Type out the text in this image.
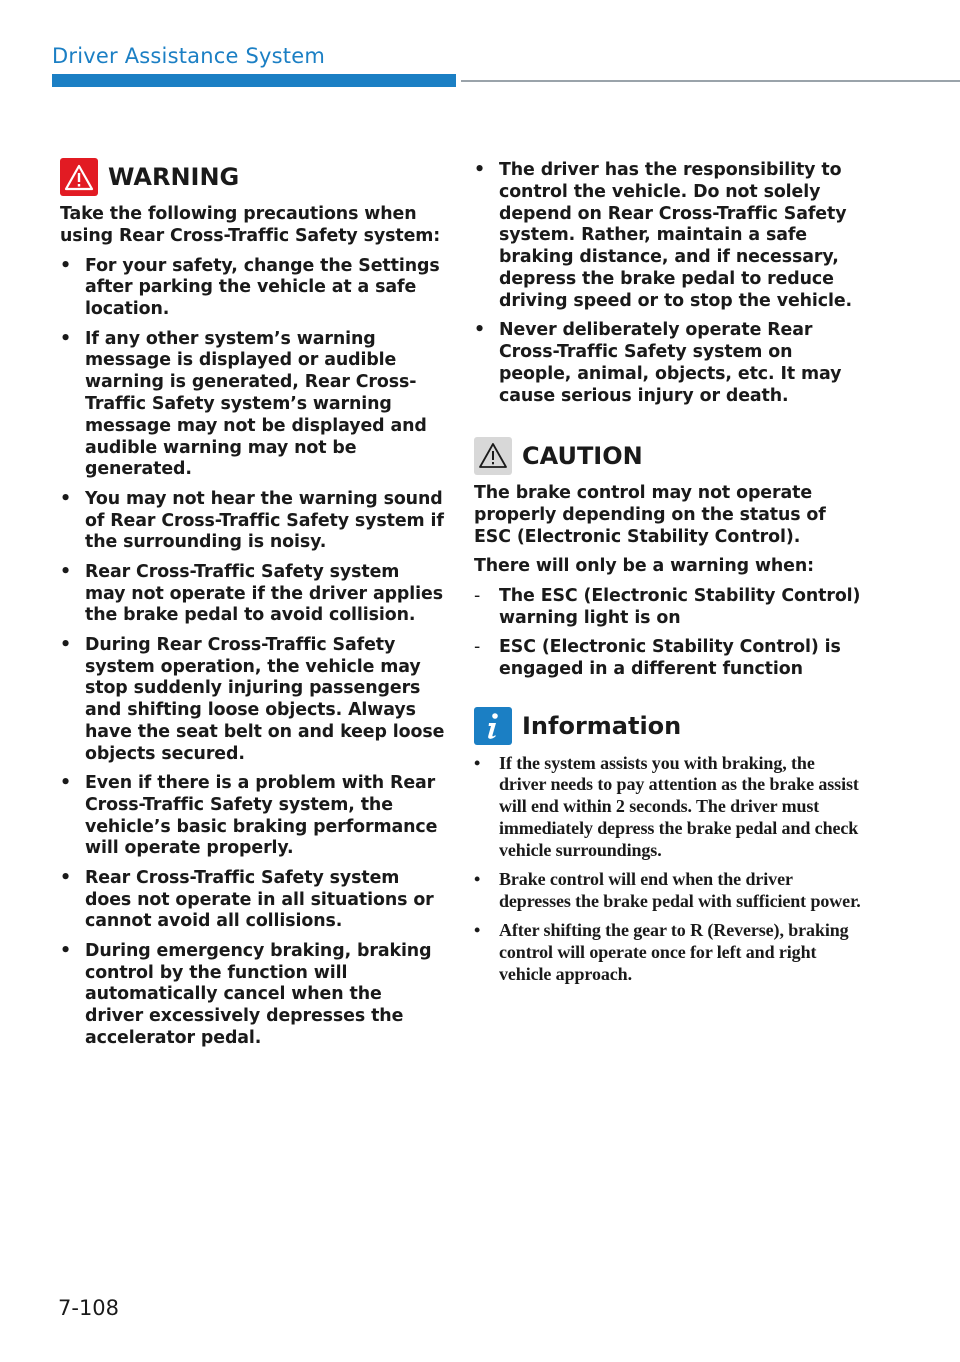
Driver Assistance System
WARNING

Take the following precautions when using Rear Cross-Traffic Safety system:

• For your safety, change the Settings after parking the vehicle at a safe location.
• If any other system’s warning message is displayed or audible warning is generated, Rear Cross-Traffic Safety system’s warning message may not be displayed and audible warning may not be generated.
• You may not hear the warning sound of Rear Cross-Traffic Safety system if the surrounding is noisy.
• Rear Cross-Traffic Safety system may not operate if the driver applies the brake pedal to avoid collision.
• During Rear Cross-Traffic Safety system operation, the vehicle may stop suddenly injuring passengers and shifting loose objects. Always have the seat belt on and keep loose objects secured.
• Even if there is a problem with Rear Cross-Traffic Safety system, the vehicle’s basic braking performance will operate properly.
• Rear Cross-Traffic Safety system does not operate in all situations or cannot avoid all collisions.
• During emergency braking, braking control by the function will automatically cancel when the driver excessively depresses the accelerator pedal.
• The driver has the responsibility to control the vehicle. Do not solely depend on Rear Cross-Traffic Safety system. Rather, maintain a safe braking distance, and if necessary, depress the brake pedal to reduce driving speed or to stop the vehicle.
• Never deliberately operate Rear Cross-Traffic Safety system on people, animal, objects, etc. It may cause serious injury or death.
CAUTION

The brake control may not operate properly depending on the status of ESC (Electronic Stability Control).

There will only be a warning when:

-	The ESC (Electronic Stability Control) warning light is on
-	ESC (Electronic Stability Control) is engaged in a different function
Information
•	If the system assists you with braking, the driver needs to pay attention as the brake assist will end within 2 seconds. The driver must immediately depress the brake pedal and check vehicle surroundings.
•	Brake control will end when the driver depresses the brake pedal with sufficient power.
•	After shifting the gear to R (Reverse), braking control will operate once for left and right vehicle approach.
7-108
